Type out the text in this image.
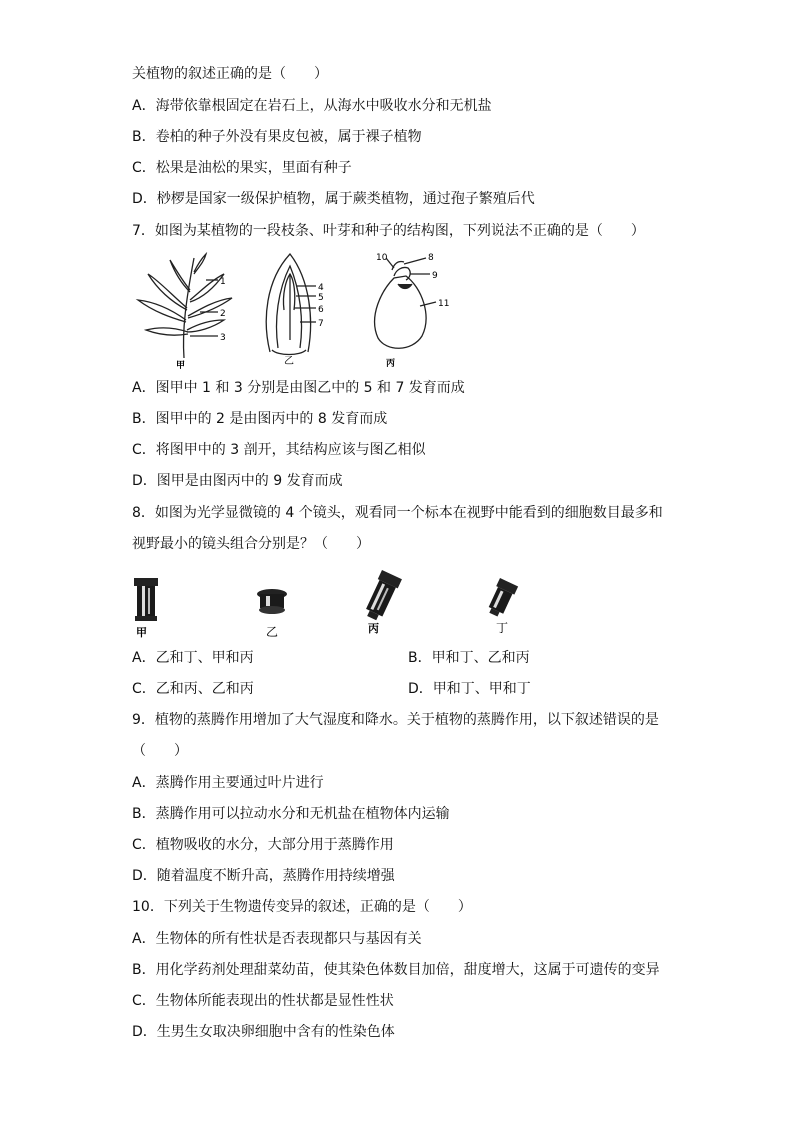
关植物的叙述正确的是（　　）
A．海带依靠根固定在岩石上，从海水中吸收水分和无机盐
B．卷柏的种子外没有果皮包被，属于裸子植物
C．松果是油松的果实，里面有种子
D．桫椤是国家一级保护植物，属于蕨类植物，通过孢子繁殖后代
7．如图为某植物的一段枝条、叶芽和种子的结构图，下列说法不正确的是（　　）
1
2
3
甲
4
5
6
7
乙
8
9
10
11
丙
A．图甲中 1 和 3 分别是由图乙中的 5 和 7 发育而成
B．图甲中的 2 是由图丙中的 8 发育而成
C．将图甲中的 3 剖开，其结构应该与图乙相似
D．图甲是由图丙中的 9 发育而成
8．如图为光学显微镜的 4 个镜头，观看同一个标本在视野中能看到的细胞数目最多和
视野最小的镜头组合分别是？（　　）
甲	乙	丙	丁
A．乙和丁、甲和丙	B．甲和丁、乙和丙
C．乙和丙、乙和丙	D．甲和丁、甲和丁
9．植物的蒸腾作用增加了大气湿度和降水。关于植物的蒸腾作用，以下叙述错误的是
（　　）
A．蒸腾作用主要通过叶片进行
B．蒸腾作用可以拉动水分和无机盐在植物体内运输
C．植物吸收的水分，大部分用于蒸腾作用
D．随着温度不断升高，蒸腾作用持续增强
10．下列关于生物遗传变异的叙述，正确的是（　　）
A．生物体的所有性状是否表现都只与基因有关
B．用化学药剂处理甜菜幼苗，使其染色体数目加倍，甜度增大，这属于可遗传的变异
C．生物体所能表现出的性状都是显性性状
D．生男生女取决卵细胞中含有的性染色体
